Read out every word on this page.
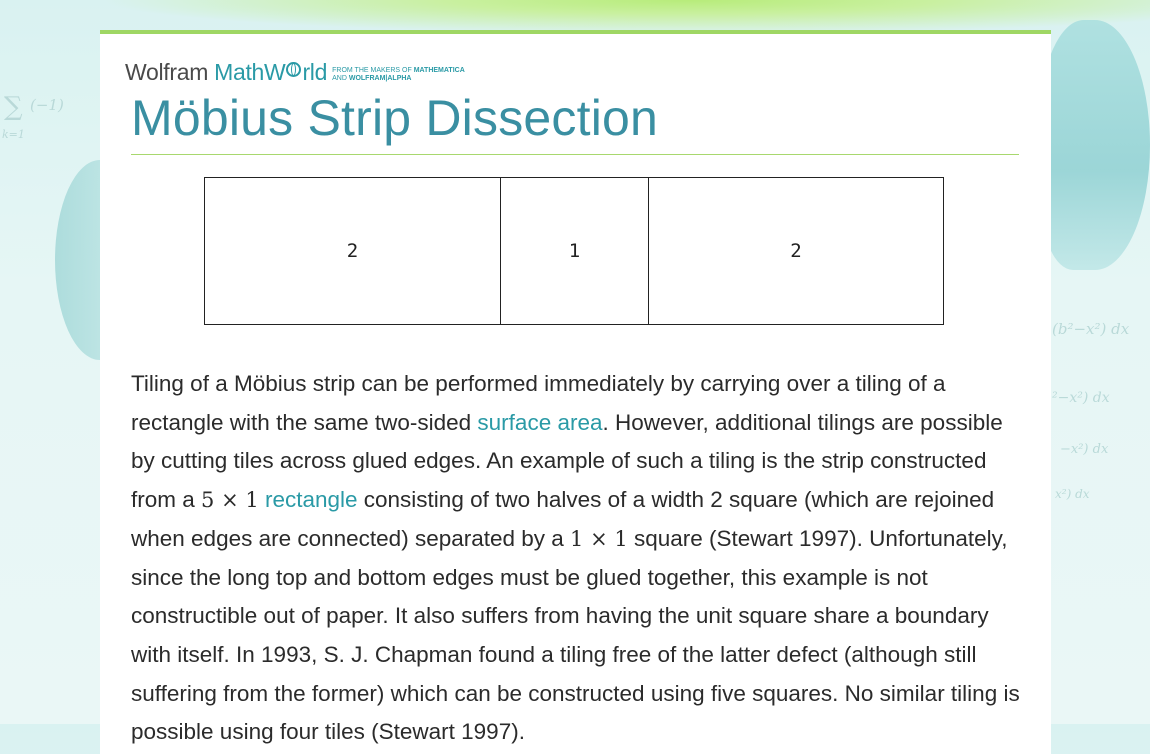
∑ (−1)
k=1
(b²−x²) dx
²−x²) dx
−x²) dx
x²) dx
Wolfram MathW rld FROM THE MAKERS OF MATHEMATICA
AND WOLFRAM|ALPHA
Möbius Strip Dissection
2	1	2

Tiling of a Möbius strip can be performed immediately by carrying over a tiling of a rectangle with the same two-sided surface area. However, additional tilings are possible by cutting tiles across glued edges. An example of such a tiling is the strip constructed from a 5 × 1 rectangle consisting of two halves of a width 2 square (which are rejoined when edges are connected) separated by a 1 × 1 square (Stewart 1997). Unfortunately, since the long top and bottom edges must be glued together, this example is not constructible out of paper. It also suffers from having the unit square share a boundary with itself. In 1993, S. J. Chapman found a tiling free of the latter defect (although still suffering from the former) which can be constructed using five squares. No similar tiling is possible using four tiles (Stewart 1997).
